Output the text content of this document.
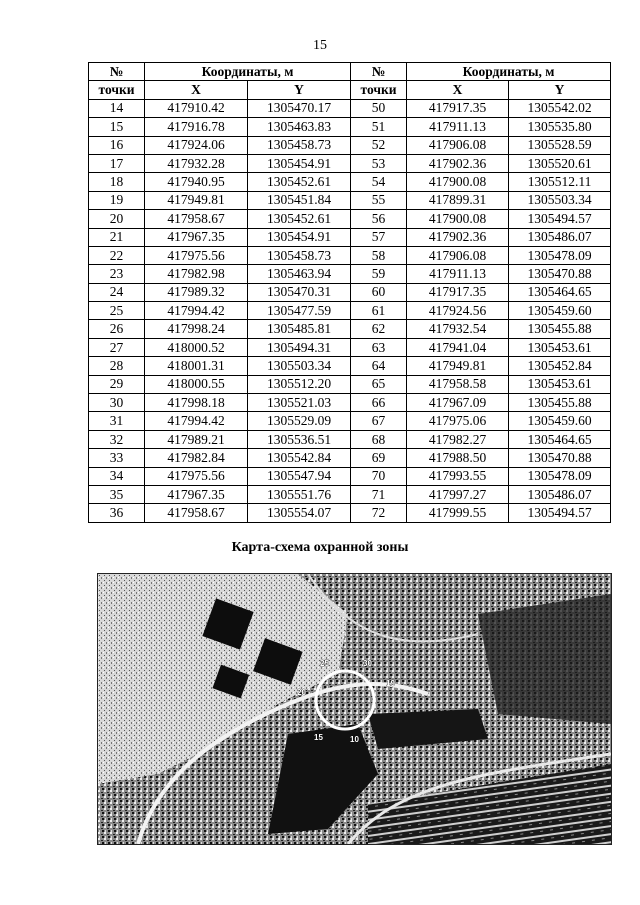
15
№	Координаты, м		№	Координаты, м	
точки	X	Y	точки	X	Y
14	417910.42	1305470.17	50	417917.35	1305542.02
15	417916.78	1305463.83	51	417911.13	1305535.80
16	417924.06	1305458.73	52	417906.08	1305528.59
17	417932.28	1305454.91	53	417902.36	1305520.61
18	417940.95	1305452.61	54	417900.08	1305512.11
19	417949.81	1305451.84	55	417899.31	1305503.34
20	417958.67	1305452.61	56	417900.08	1305494.57
21	417967.35	1305454.91	57	417902.36	1305486.07
22	417975.56	1305458.73	58	417906.08	1305478.09
23	417982.98	1305463.94	59	417911.13	1305470.88
24	417989.32	1305470.31	60	417917.35	1305464.65
25	417994.42	1305477.59	61	417924.56	1305459.60
26	417998.24	1305485.81	62	417932.54	1305455.88
27	418000.52	1305494.31	63	417941.04	1305453.61
28	418001.31	1305503.34	64	417949.81	1305452.84
29	418000.55	1305512.20	65	417958.58	1305453.61
30	417998.18	1305521.03	66	417967.09	1305455.88
31	417994.42	1305529.09	67	417975.06	1305459.60
32	417989.21	1305536.51	68	417982.27	1305464.65
33	417982.84	1305542.84	69	417988.50	1305470.88
34	417975.56	1305547.94	70	417993.55	1305478.09
35	417967.35	1305551.76	71	417997.27	1305486.07
36	417958.67	1305554.07	72	417999.55	1305494.57
Карта-схема охранной зоны
25	30
20
19
15	10
